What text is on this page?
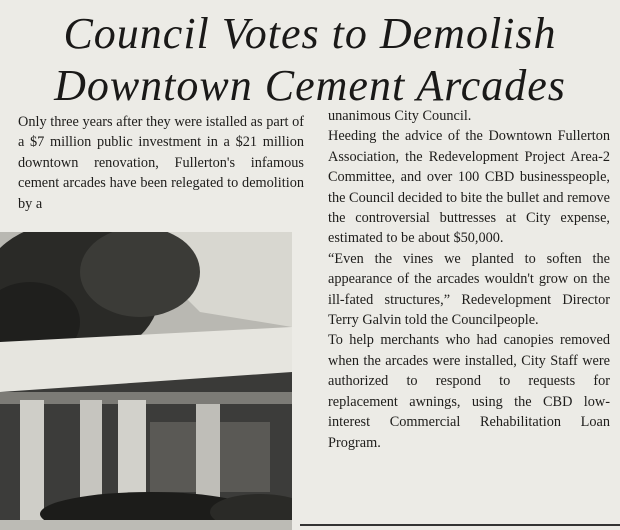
Council Votes to Demolish
Downtown Cement Arcades

Only three years after they were istalled as part of a $7 million public investment in a $21 million downtown renovation, Fullerton's infamous cement arcades have been relegated to demolition by a

unanimous City Council.

Heeding the advice of the Downtown Fullerton Association, the Redevelopment Project Area-2 Committee, and over 100 CBD businesspeople, the Council decided to bite the bullet and remove the controversial buttresses at City expense, estimated to be about $50,000.

“Even the vines we planted to soften the appearance of the arcades wouldn't grow on the ill-fated structures,” Redevelopment Director Terry Galvin told the Councilpeople.

To help merchants who had canopies removed when the arcades were installed, City Staff were authorized to respond to requests for replacement awnings, using the CBD low-interest Commercial Rehabilitation Loan Program.
